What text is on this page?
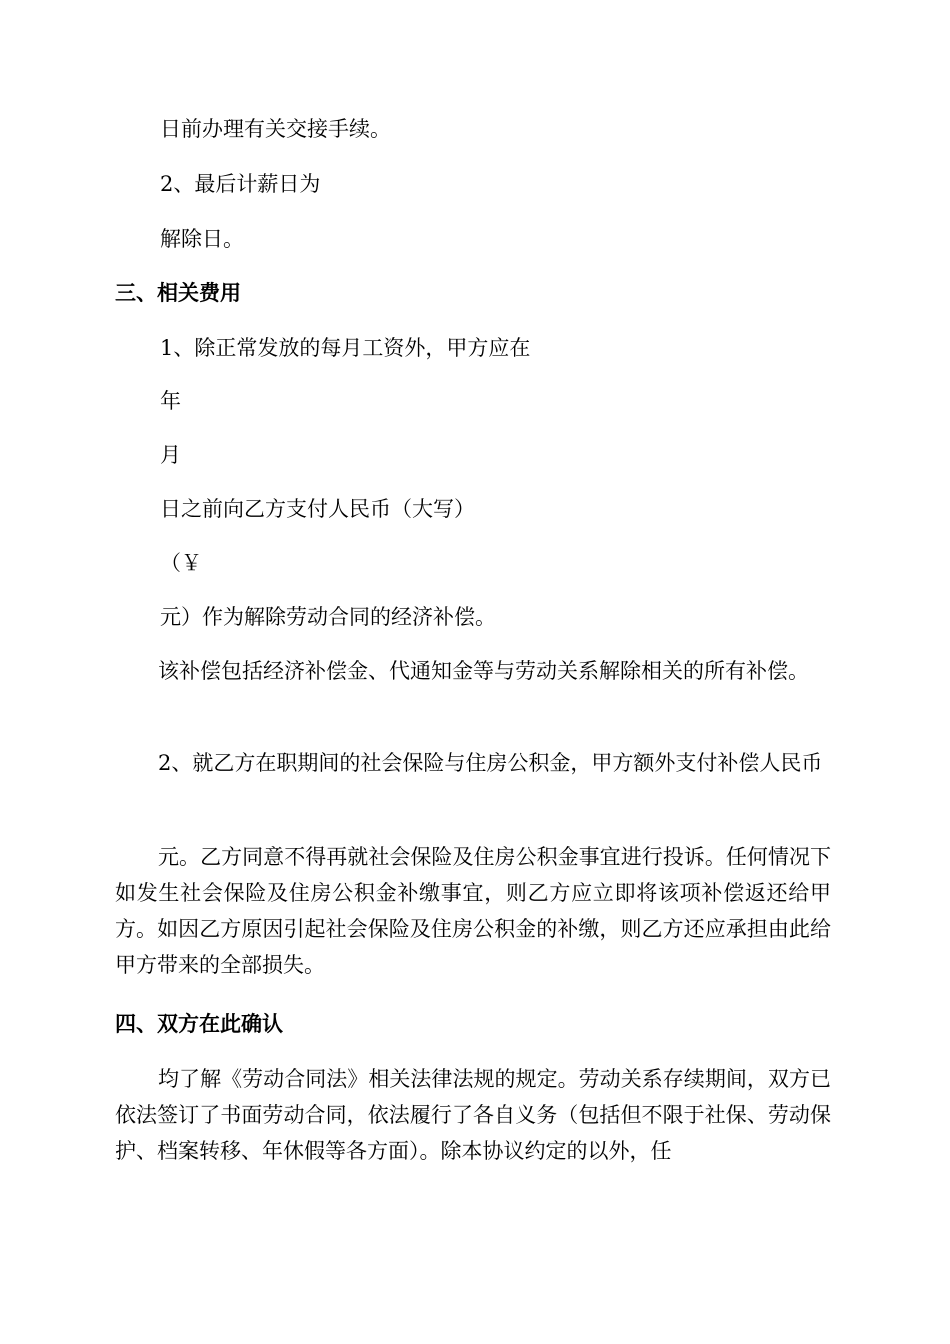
日前办理有关交接手续。
2、最后计薪日为
解除日。
三、相关费用
1、除正常发放的每月工资外，甲方应在
年
月
日之前向乙方支付人民币（大写）
（￥
元）作为解除劳动合同的经济补偿。
该补偿包括经济补偿金、代通知金等与劳动关系解除相关的所有补偿。
2、就乙方在职期间的社会保险与住房公积金，甲方额外支付补偿人民币
元。乙方同意不得再就社会保险及住房公积金事宜进行投诉。任何情况下如发生社会保险及住房公积金补缴事宜，则乙方应立即将该项补偿返还给甲方。如因乙方原因引起社会保险及住房公积金的补缴，则乙方还应承担由此给甲方带来的全部损失。
四、双方在此确认
均了解《劳动合同法》相关法律法规的规定。劳动关系存续期间，双方已依法签订了书面劳动合同，依法履行了各自义务（包括但不限于社保、劳动保护、档案转移、年休假等各方面）。除本协议约定的以外，任
